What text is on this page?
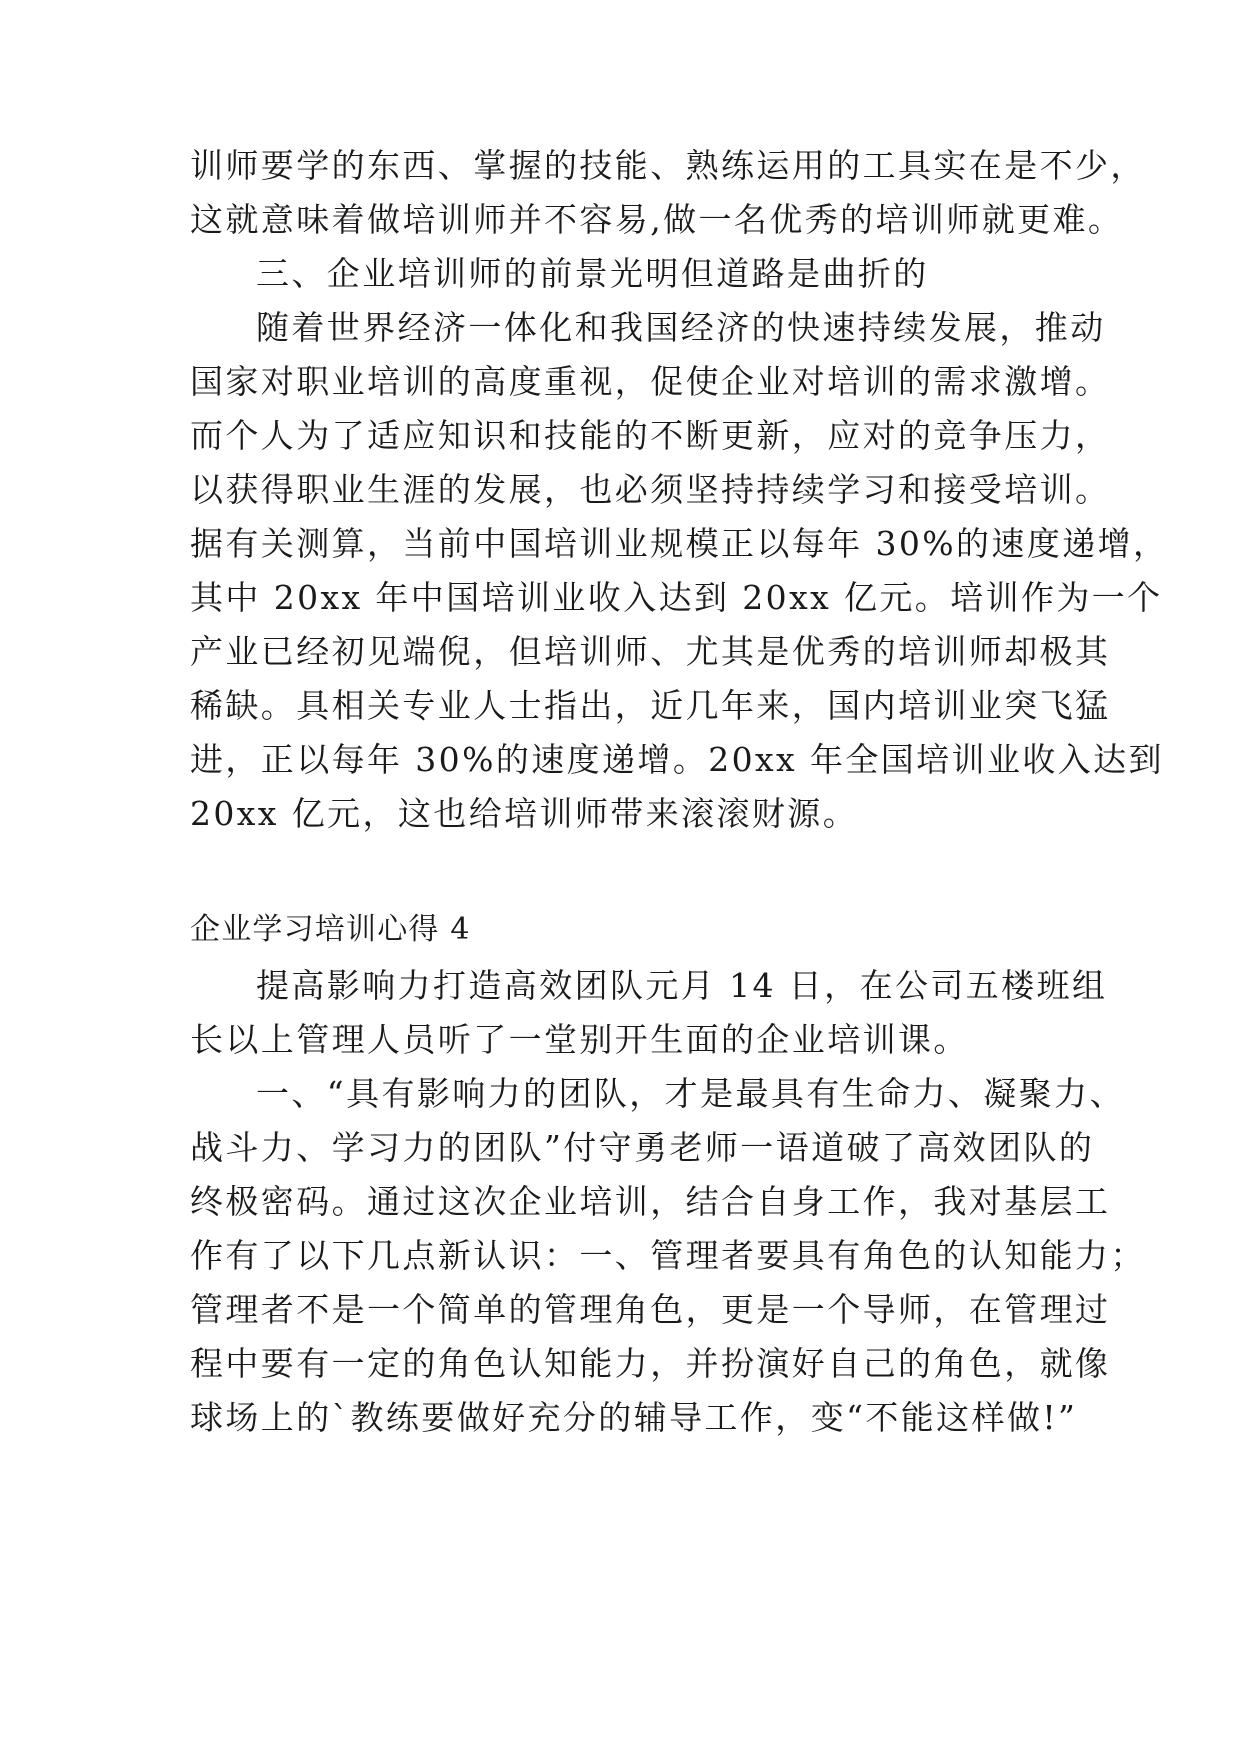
训师要学的东西、掌握的技能、熟练运用的工具实在是不少，
这就意味着做培训师并不容易,做一名优秀的培训师就更难。
三、企业培训师的前景光明但道路是曲折的
随着世界经济一体化和我国经济的快速持续发展，推动
国家对职业培训的高度重视，促使企业对培训的需求激增。
而个人为了适应知识和技能的不断更新，应对的竞争压力，
以获得职业生涯的发展，也必须坚持持续学习和接受培训。
据有关测算，当前中国培训业规模正以每年 30%的速度递增，
其中 20xx 年中国培训业收入达到 20xx 亿元。培训作为一个
产业已经初见端倪，但培训师、尤其是优秀的培训师却极其
稀缺。具相关专业人士指出，近几年来，国内培训业突飞猛
进，正以每年 30%的速度递增。20xx 年全国培训业收入达到
20xx 亿元，这也给培训师带来滚滚财源。
企业学习培训心得 4
提高影响力打造高效团队元月 14 日，在公司五楼班组
长以上管理人员听了一堂别开生面的企业培训课。
一、“具有影响力的团队，才是最具有生命力、凝聚力、
战斗力、学习力的团队”付守勇老师一语道破了高效团队的
终极密码。通过这次企业培训，结合自身工作，我对基层工
作有了以下几点新认识：一、管理者要具有角色的认知能力；
管理者不是一个简单的管理角色，更是一个导师，在管理过
程中要有一定的角色认知能力，并扮演好自己的角色，就像
球场上的`教练要做好充分的辅导工作，变“不能这样做!”
